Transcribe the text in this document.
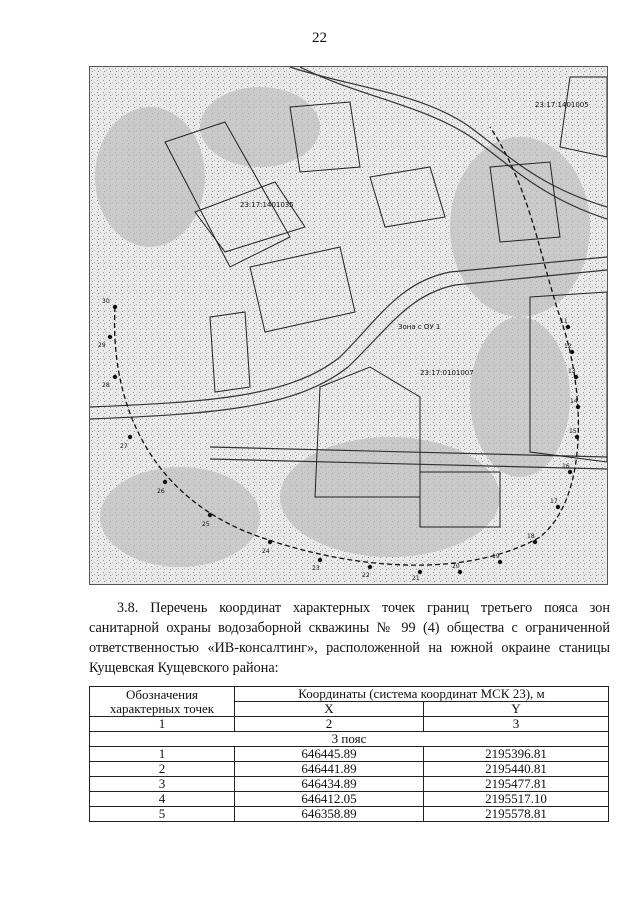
22
11
12
13
14
15
16
17
18
19
20
21
22
23
24
25
26
27
28
29
30
23:17:1401035
23:17:1401005
23:17:0101007
Зона с ОУ 1
3.8. Перечень координат характерных точек границ третьего пояса зон санитарной охраны водозаборной скважины № 99 (4) общества с ограниченной ответственностью «ИВ-консалтинг», расположенной на южной окраине станицы Кущевская Кущевского района:
Обозначения характерных точек	Координаты (система координат МСК 23), м	
	X	Y
1	2	3
3 пояс		
1	646445.89	2195396.81
2	646441.89	2195440.81
3	646434.89	2195477.81
4	646412.05	2195517.10
5	646358.89	2195578.81
